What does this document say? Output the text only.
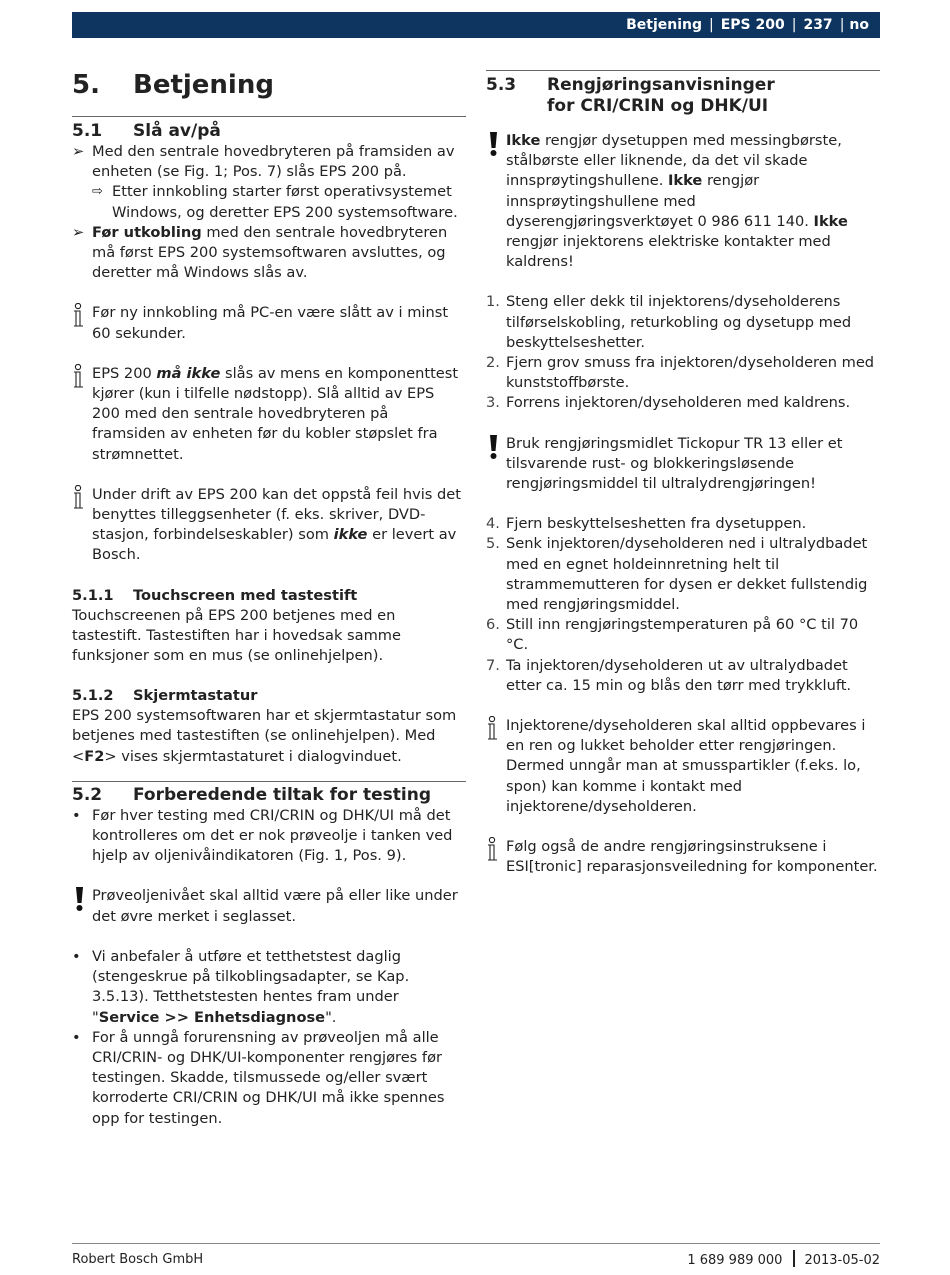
Betjening | EPS 200 | 237 | no
5.	Betjening
5.1	Slå av/på
➢ Med den sentrale hovedbryteren på framsiden av enheten (se Fig. 1; Pos. 7) slås EPS 200 på.

⇨ Etter innkobling starter først operativsystemet Windows, og deretter EPS 200 systemsoftware.

➢ Før utkobling med den sentrale hovedbryteren må først EPS 200 systemsoftwaren avsluttes, og deretter må Windows slås av.

Før ny innkobling må PC-en være slått av i minst 60 sekunder.

EPS 200 må ikke slås av mens en komponenttest kjører (kun i tilfelle nødstopp). Slå alltid av EPS 200 med den sentrale hovedbryteren på framsiden av enheten før du kobler støpslet fra strømnettet.

Under drift av EPS 200 kan det oppstå feil hvis det benyttes tilleggsenheter (f. eks. skriver, DVD-stasjon, forbindelseskabler) som ikke er levert av Bosch.

5.1.1	Touchscreen med tastestift

Touchscreenen på EPS 200 betjenes med en tastestift. Tastestiften har i hovedsak samme funksjoner som en mus (se onlinehjelpen).

5.1.2	Skjermtastatur

EPS 200 systemsoftwaren har et skjermtastatur som betjenes med tastestiften (se onlinehjelpen). Med <F2> vises skjermtastaturet i dialogvinduet.

5.2	Forberedende tiltak for testing
• Før hver testing med CRI/CRIN og DHK/UI må det kontrolleres om det er nok prøveolje i tanken ved hjelp av oljenivåindikatoren (Fig. 1, Pos. 9).

Prøveoljenivået skal alltid være på eller like under det øvre merket i seglasset.

• Vi anbefaler å utføre et tetthetstest daglig (stengeskrue på tilkoblingsadapter, se Kap. 3.5.13). Tetthetstesten hentes fram under "Service >> Enhetsdiagnose".

• For å unngå forurensning av prøveoljen må alle CRI/CRIN- og DHK/UI-komponenter rengjøres før testingen. Skadde, tilsmussede og/eller svært korroderte CRI/CRIN og DHK/UI må ikke spennes opp for testingen.

5.3	Rengjøringsanvisninger
for CRI/CRIN og DHK/UI

Ikke rengjør dysetuppen med messingbørste, stålbørste eller liknende, da det vil skade innsprøytingshullene. Ikke rengjør innsprøytingshullene med dyserengjøringsverktøyet 0 986 611 140. Ikke rengjør injektorens elektriske kontakter med kaldrens!

1. Steng eller dekk til injektorens/dyseholderens tilførselskobling, returkobling og dysetupp med beskyttelseshetter.

2. Fjern grov smuss fra injektoren/dyseholderen med kunststoffbørste.

3. Forrens injektoren/dyseholderen med kaldrens.

Bruk rengjøringsmidlet Tickopur TR 13 eller et tilsvarende rust- og blokkeringsløsende rengjøringsmiddel til ultralydrengjøringen!

4. Fjern beskyttelseshetten fra dysetuppen.

5. Senk injektoren/dyseholderen ned i ultralydbadet med en egnet holdeinnretning helt til strammemutteren for dysen er dekket fullstendig med rengjøringsmiddel.

6. Still inn rengjøringstemperaturen på 60 °C til 70 °C.

7. Ta injektoren/dyseholderen ut av ultralydbadet etter ca. 15 min og blås den tørr med trykkluft.

Injektorene/dyseholderen skal alltid oppbevares i en ren og lukket beholder etter rengjøringen. Dermed unngår man at smusspartikler (f.eks. lo, spon) kan komme i kontakt med injektorene/dyseholderen.

Følg også de andre rengjøringsinstruksene i ESI[tronic] reparasjonsveiledning for komponenter.

Robert Bosch GmbH	1 689 989 000 2013-05-02
